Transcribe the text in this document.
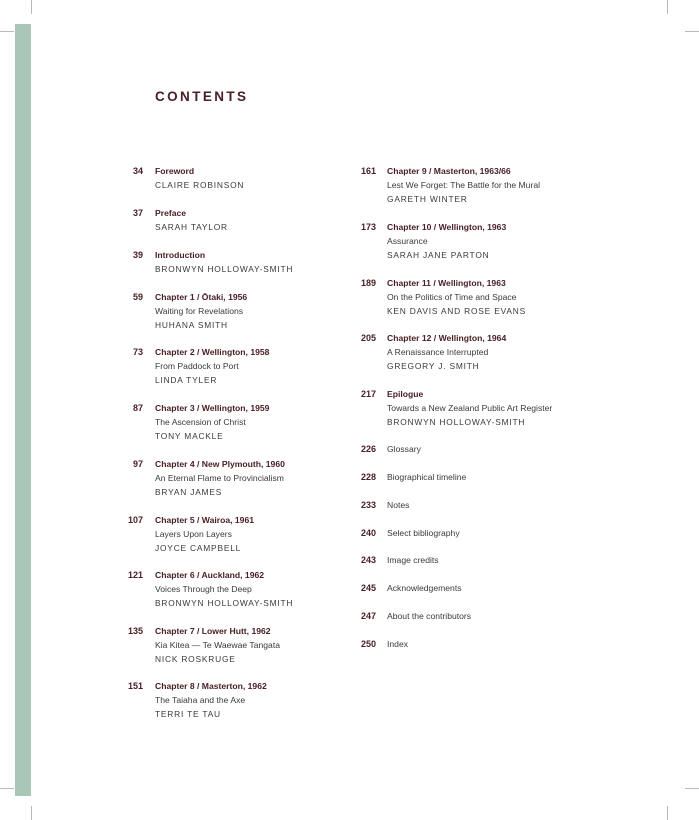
CONTENTS
34 Foreword
CLAIRE ROBINSON
37 Preface
SARAH TAYLOR
39 Introduction
BRONWYN HOLLOWAY-SMITH
59 Chapter 1 / Ōtaki, 1956
Waiting for Revelations
HUHANA SMITH
73 Chapter 2 / Wellington, 1958
From Paddock to Port
LINDA TYLER
87 Chapter 3 / Wellington, 1959
The Ascension of Christ
TONY MACKLE
97 Chapter 4 / New Plymouth, 1960
An Eternal Flame to Provincialism
BRYAN JAMES
107 Chapter 5 / Wairoa, 1961
Layers Upon Layers
JOYCE CAMPBELL
121 Chapter 6 / Auckland, 1962
Voices Through the Deep
BRONWYN HOLLOWAY-SMITH
135 Chapter 7 / Lower Hutt, 1962
Kia Kitea — Te Waewae Tangata
NICK ROSKRUGE
151 Chapter 8 / Masterton, 1962
The Taiaha and the Axe
TERRI TE TAU
161 Chapter 9 / Masterton, 1963/66
Lest We Forget: The Battle for the Mural
GARETH WINTER
173 Chapter 10 / Wellington, 1963
Assurance
SARAH JANE PARTON
189 Chapter 11 / Wellington, 1963
On the Politics of Time and Space
KEN DAVIS AND ROSE EVANS
205 Chapter 12 / Wellington, 1964
A Renaissance Interrupted
GREGORY J. SMITH
217 Epilogue
Towards a New Zealand Public Art Register
BRONWYN HOLLOWAY-SMITH
226 Glossary
228 Biographical timeline
233 Notes
240 Select bibliography
243 Image credits
245 Acknowledgements
247 About the contributors
250 Index
